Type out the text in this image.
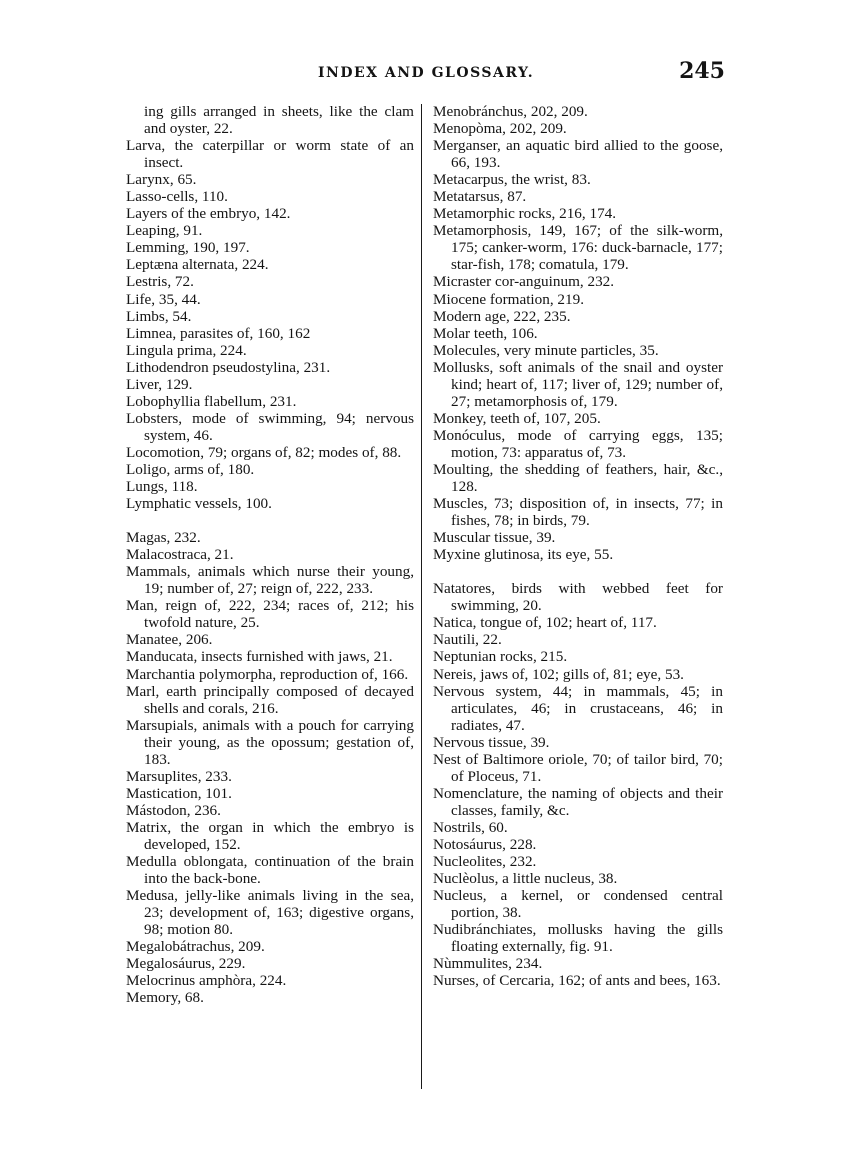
INDEX AND GLOSSARY.	245

ing gills arranged in sheets, like the clam and oyster, 22.

Larva, the caterpillar or worm state of an insect.

Larynx, 65.

Lasso-cells, 110.

Layers of the embryo, 142.

Leaping, 91.

Lemming, 190, 197.

Leptæna alternata, 224.

Lestris, 72.

Life, 35, 44.

Limbs, 54.

Limnea, parasites of, 160, 162

Lingula prima, 224.

Lithodendron pseudostylina, 231.

Liver, 129.

Lobophyllia flabellum, 231.

Lobsters, mode of swimming, 94; nervous system, 46.

Locomotion, 79; organs of, 82; modes of, 88.

Loligo, arms of, 180.

Lungs, 118.

Lymphatic vessels, 100.

Magas, 232.

Malacostraca, 21.

Mammals, animals which nurse their young, 19; number of, 27; reign of, 222, 233.

Man, reign of, 222, 234; races of, 212; his twofold nature, 25.

Manatee, 206.

Manducata, insects furnished with jaws, 21.

Marchantia polymorpha, reproduction of, 166.

Marl, earth principally composed of decayed shells and corals, 216.

Marsupials, animals with a pouch for carrying their young, as the opossum; gestation of, 183.

Marsuplites, 233.

Mastication, 101.

Mástodon, 236.

Matrix, the organ in which the embryo is developed, 152.

Medulla oblongata, continuation of the brain into the back-bone.

Medusa, jelly-like animals living in the sea, 23; development of, 163; digestive organs, 98; motion 80.

Megalobátrachus, 209.

Megalosáurus, 229.

Melocrinus amphòra, 224.

Memory, 68.

Menobránchus, 202, 209.

Menopòma, 202, 209.

Merganser, an aquatic bird allied to the goose, 66, 193.

Metacarpus, the wrist, 83.

Metatarsus, 87.

Metamorphic rocks, 216, 174.

Metamorphosis, 149, 167; of the silk-worm, 175; canker-worm, 176: duck-barnacle, 177; star-fish, 178; comatula, 179.

Micraster cor-anguinum, 232.

Miocene formation, 219.

Modern age, 222, 235.

Molar teeth, 106.

Molecules, very minute particles, 35.

Mollusks, soft animals of the snail and oyster kind; heart of, 117; liver of, 129; number of, 27; metamorphosis of, 179.

Monkey, teeth of, 107, 205.

Monóculus, mode of carrying eggs, 135; motion, 73: apparatus of, 73.

Moulting, the shedding of feathers, hair, &c., 128.

Muscles, 73; disposition of, in insects, 77; in fishes, 78; in birds, 79.

Muscular tissue, 39.

Myxine glutinosa, its eye, 55.

Natatores, birds with webbed feet for swimming, 20.

Natica, tongue of, 102; heart of, 117.

Nautili, 22.

Neptunian rocks, 215.

Nereis, jaws of, 102; gills of, 81; eye, 53.

Nervous system, 44; in mammals, 45; in articulates, 46; in crustaceans, 46; in radiates, 47.

Nervous tissue, 39.

Nest of Baltimore oriole, 70; of tailor bird, 70; of Ploceus, 71.

Nomenclature, the naming of objects and their classes, family, &c.

Nostrils, 60.

Notosáurus, 228.

Nucleolites, 232.

Nuclèolus, a little nucleus, 38.

Nucleus, a kernel, or condensed central portion, 38.

Nudibránchiates, mollusks having the gills floating externally, fig. 91.

Nùmmulites, 234.

Nurses, of Cercaria, 162; of ants and bees, 163.
